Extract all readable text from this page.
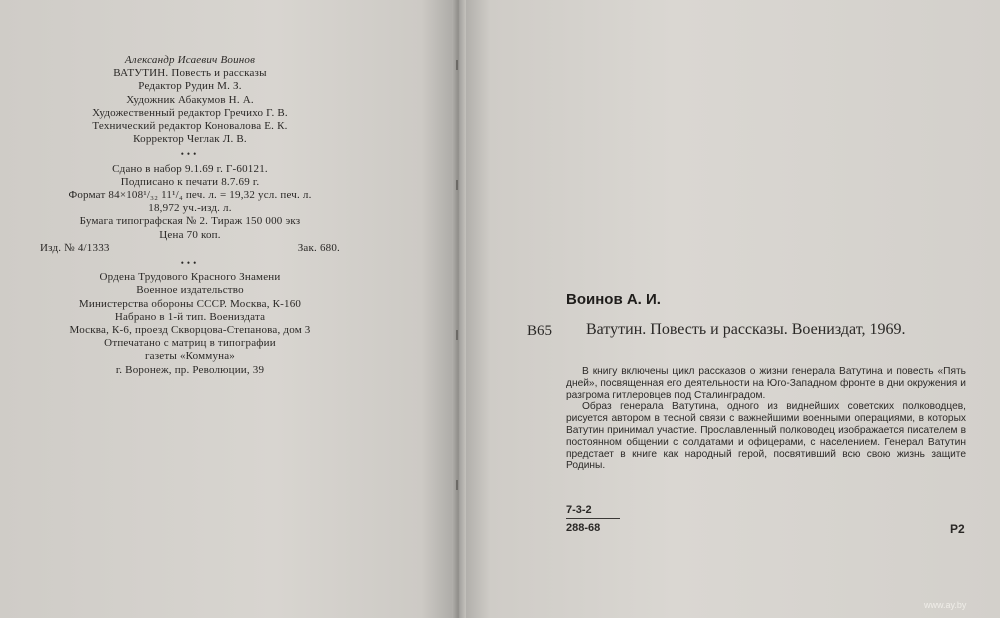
Александр Исаевич Воинов
ВАТУТИН. Повесть и рассказы
Редактор Рудин М. З.
Художник Абакумов Н. А.
Художественный редактор Гречихо Г. В.
Технический редактор Коновалова Е. К.
Корректор Чеглак Л. В.
•••
Сдано в набор 9.1.69 г. Г-60121.
Подписано к печати 8.7.69 г.
Формат 84×108¹/₃₂ 11¹/₄ печ. л. = 19,32 усл. печ. л.
18,972 уч.-изд. л.
Бумага типографская № 2. Тираж 150 000 экз
Цена 70 коп.
Изд. № 4/1333	Зак. 680.
•••
Ордена Трудового Красного Знамени
Военное издательство
Министерства обороны СССР. Москва, К-160
Набрано в 1-й тип. Воениздата
Москва, К-6, проезд Скворцова-Степанова, дом 3
Отпечатано с матриц в типографии
газеты «Коммуна»
г. Воронеж, пр. Революции, 39
Воинов А. И.
В65 Ватутин. Повесть и рассказы. Воениздат, 1969.

В книгу включены цикл рассказов о жизни генерала Ватутина и повесть «Пять дней», посвященная его деятельности на Юго-Западном фронте в дни окружения и разгрома гитлеровцев под Сталинградом.

Образ генерала Ватутина, одного из виднейших советских полководцев, рисуется автором в тесной связи с важнейшими военными операциями, в которых Ватутин принимал участие. Прославленный полководец изображается писателем в постоянном общении с солдатами и офицерами, с населением. Генерал Ватутин предстает в книге как народный герой, посвятивший всю свою жизнь защите Родины.

7-3-2
288-68	Р2
www.ay.by
